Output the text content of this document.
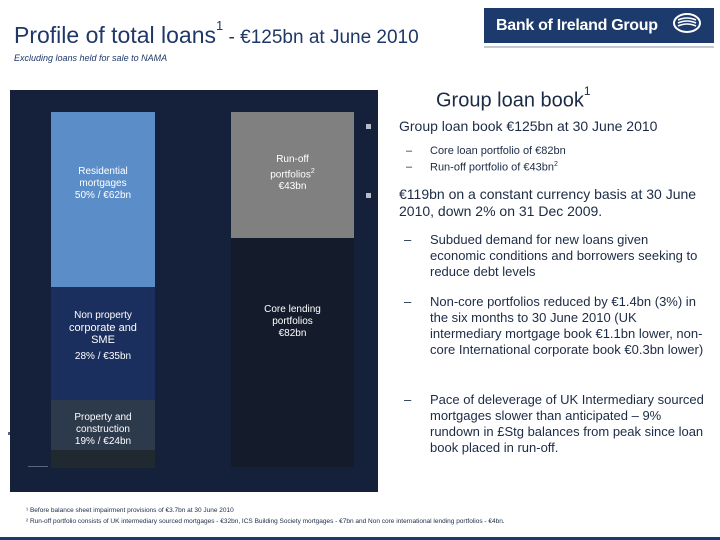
Profile of total loans$^1$ - €125bn at June 2010
Excluding loans held for sale to NAMA
Bank of Ireland Group
Residential
mortgages
50% / €62bn
Non property
corporate and
SME
28% / €35bn
Property and
construction
19% / €24bn
Run-off
portfolios$^2$
€43bn
Core lending
portfolios
€82bn
Group loan book$^1$
Group loan book €125bn at 30 June 2010
– Core loan portfolio of €82bn
– Run-off portfolio of $€43bn^2$
€119bn on a constant currency basis at 30 June 2010, down 2% on 31 Dec 2009.
– Subdued demand for new loans given economic conditions and borrowers seeking to reduce debt levels
– Non-core portfolios reduced by €1.4bn (3%) in the six months to 30 June 2010 (UK intermediary mortgage book €1.1bn lower, non-core International corporate book €0.3bn lower)
– Pace of deleverage of UK Intermediary sourced mortgages slower than anticipated – 9% rundown in £Stg balances from peak since loan book placed in run-off.
¹ Before balance sheet impairment provisions of €3.7bn at 30 June 2010
² Run-off portfolio consists of UK intermediary sourced mortgages - €32bn, ICS Building Society mortgages - €7bn and Non core international lending portfolios - €4bn.
